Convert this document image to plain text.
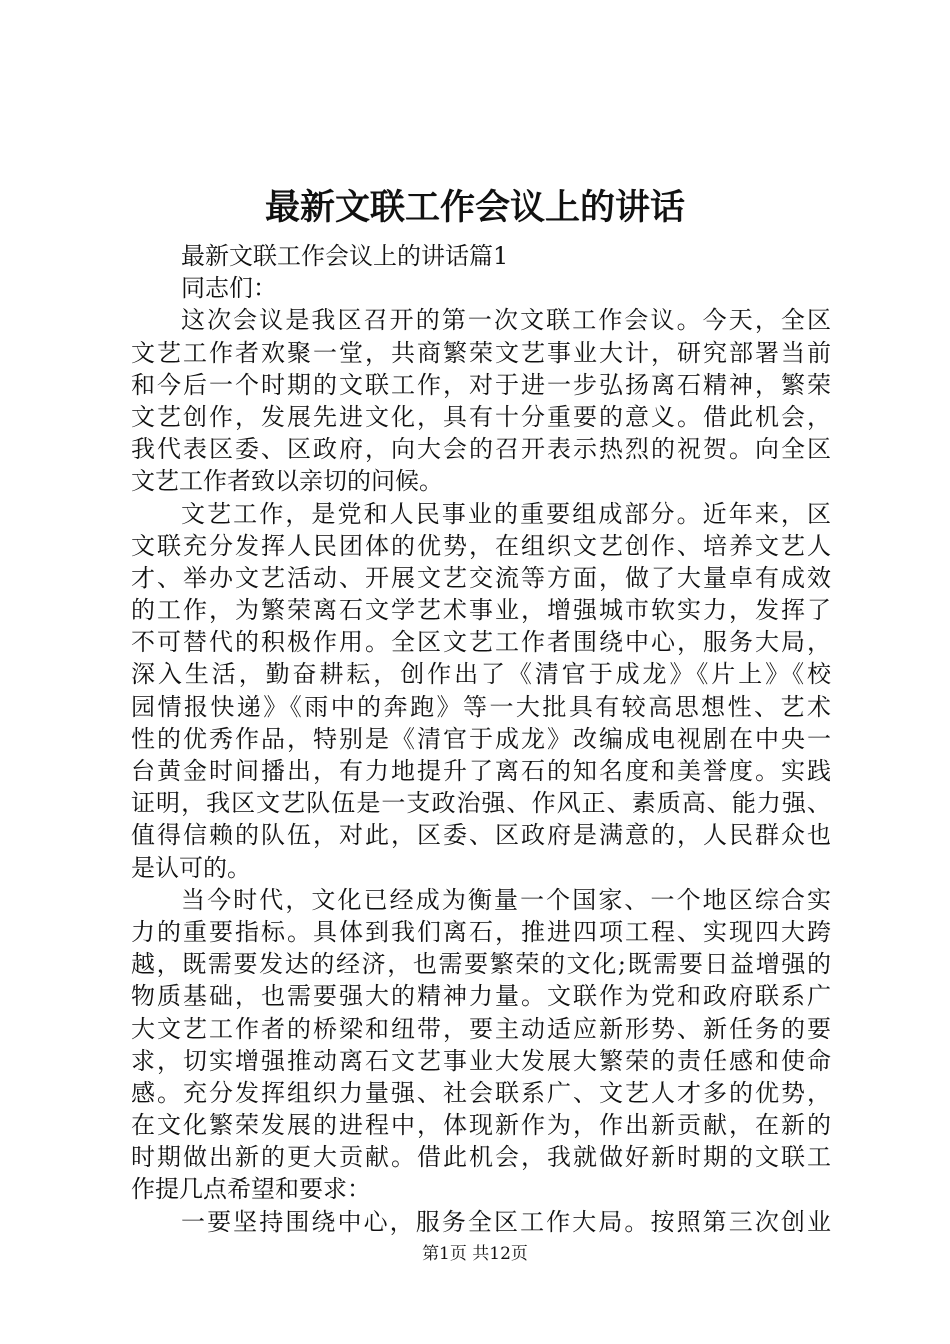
最新文联工作会议上的讲话
最新文联工作会议上的讲话篇1
同志们：
这次会议是我区召开的第一次文联工作会议。今天，全区
文艺工作者欢聚一堂，共商繁荣文艺事业大计，研究部署当前
和今后一个时期的文联工作，对于进一步弘扬离石精神，繁荣
文艺创作，发展先进文化，具有十分重要的意义。借此机会，
我代表区委、区政府，向大会的召开表示热烈的祝贺。向全区
文艺工作者致以亲切的问候。
文艺工作，是党和人民事业的重要组成部分。近年来，区
文联充分发挥人民团体的优势，在组织文艺创作、培养文艺人
才、举办文艺活动、开展文艺交流等方面，做了大量卓有成效
的工作，为繁荣离石文学艺术事业，增强城市软实力，发挥了
不可替代的积极作用。全区文艺工作者围绕中心，服务大局，
深入生活，勤奋耕耘，创作出了《清官于成龙》《片上》《校
园情报快递》《雨中的奔跑》等一大批具有较高思想性、艺术
性的优秀作品，特别是《清官于成龙》改编成电视剧在中央一
台黄金时间播出，有力地提升了离石的知名度和美誉度。实践
证明，我区文艺队伍是一支政治强、作风正、素质高、能力强、
值得信赖的队伍，对此，区委、区政府是满意的，人民群众也
是认可的。
当今时代，文化已经成为衡量一个国家、一个地区综合实
力的重要指标。具体到我们离石，推进四项工程、实现四大跨
越，既需要发达的经济，也需要繁荣的文化;既需要日益增强的
物质基础，也需要强大的精神力量。文联作为党和政府联系广
大文艺工作者的桥梁和纽带，要主动适应新形势、新任务的要
求，切实增强推动离石文艺事业大发展大繁荣的责任感和使命
感。充分发挥组织力量强、社会联系广、文艺人才多的优势，
在文化繁荣发展的进程中，体现新作为，作出新贡献，在新的
时期做出新的更大贡献。借此机会，我就做好新时期的文联工
作提几点希望和要求：
一要坚持围绕中心，服务全区工作大局。按照第三次创业
第1页 共12页
